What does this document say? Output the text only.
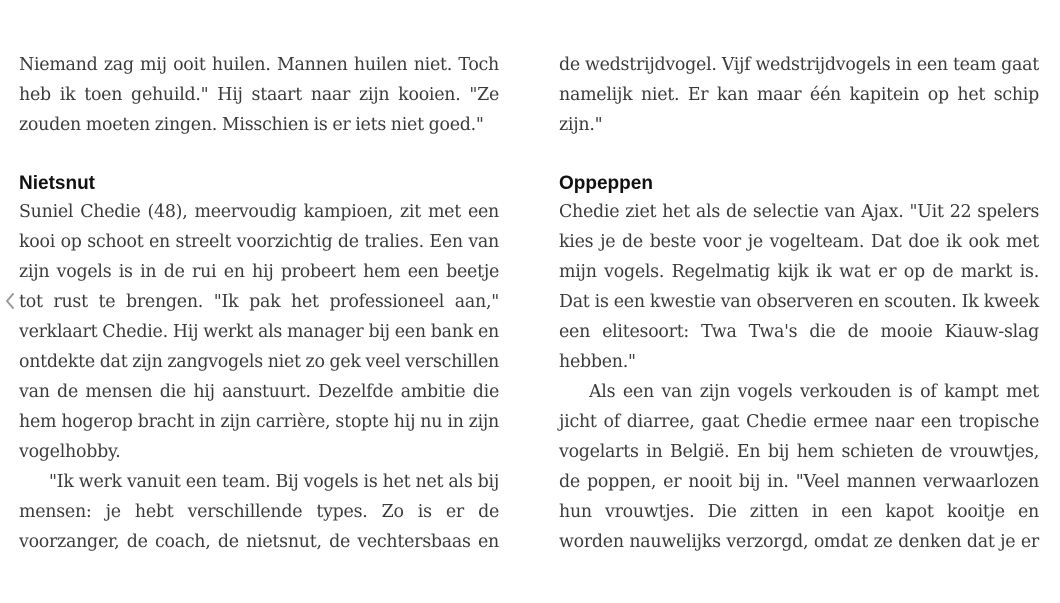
Niemand zag mij ooit huilen. Mannen huilen niet. Toch heb ik toen gehuild." Hij staart naar zijn kooien. "Ze zouden moeten zingen. Misschien is er iets niet goed."

Nietsnut

Suniel Chedie (48), meervoudig kampioen, zit met een kooi op schoot en streelt voorzichtig de tralies. Een van zijn vogels is in de rui en hij probeert hem een beetje tot rust te brengen. "Ik pak het professioneel aan," verklaart Chedie. Hij werkt als manager bij een bank en ontdekte dat zijn zangvogels niet zo gek veel verschillen van de mensen die hij aanstuurt. Dezelfde ambitie die hem hogerop bracht in zijn carrière, stopte hij nu in zijn vogelhobby.

"Ik werk vanuit een team. Bij vogels is het net als bij mensen: je hebt verschillende types. Zo is er de voorzanger, de coach, de nietsnut, de vechtersbaas en

de wedstrijdvogel. Vijf wedstrijdvogels in een team gaat namelijk niet. Er kan maar één kapitein op het schip zijn."

Oppeppen

Chedie ziet het als de selectie van Ajax. "Uit 22 spelers kies je de beste voor je vogelteam. Dat doe ik ook met mijn vogels. Regelmatig kijk ik wat er op de markt is. Dat is een kwestie van observeren en scouten. Ik kweek een elitesoort: Twa Twa's die de mooie Kiauw-slag hebben."

Als een van zijn vogels verkouden is of kampt met jicht of diarree, gaat Chedie ermee naar een tropische vogelarts in België. En bij hem schieten de vrouwtjes, de poppen, er nooit bij in. "Veel mannen verwaarlozen hun vrouwtjes. Die zitten in een kapot kooitje en worden nauwelijks verzorgd, omdat ze denken dat je er
